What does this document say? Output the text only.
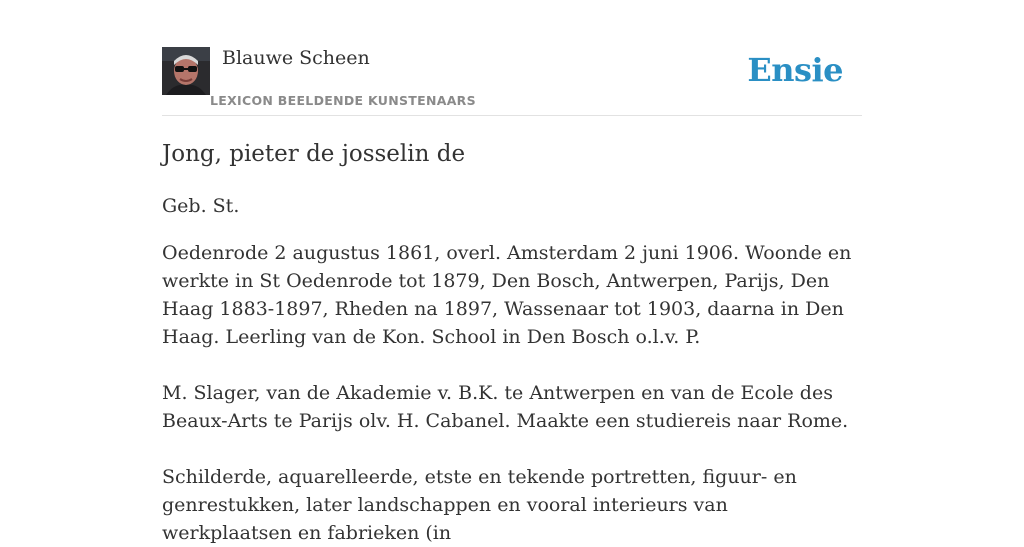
Blauwe Scheen
LEXICON BEELDENDE KUNSTENAARS
Ensie
Jong, pieter de josselin de

Geb. St.

Oedenrode 2 augustus 1861, overl. Amsterdam 2 juni 1906. Woonde en werkte in St Oedenrode tot 1879, Den Bosch, Antwerpen, Parijs, Den Haag 1883-1897, Rheden na 1897, Wassenaar tot 1903, daarna in Den Haag. Leerling van de Kon. School in Den Bosch o.l.v. P.

M. Slager, van de Akademie v. B.K. te Antwerpen en van de Ecole des Beaux-Arts te Parijs olv. H. Cabanel. Maakte een studiereis naar Rome.

Schilderde, aquarelleerde, etste en tekende portretten, figuur- en genrestukken, later landschappen en vooral interieurs van werkplaatsen en fabrieken (in
